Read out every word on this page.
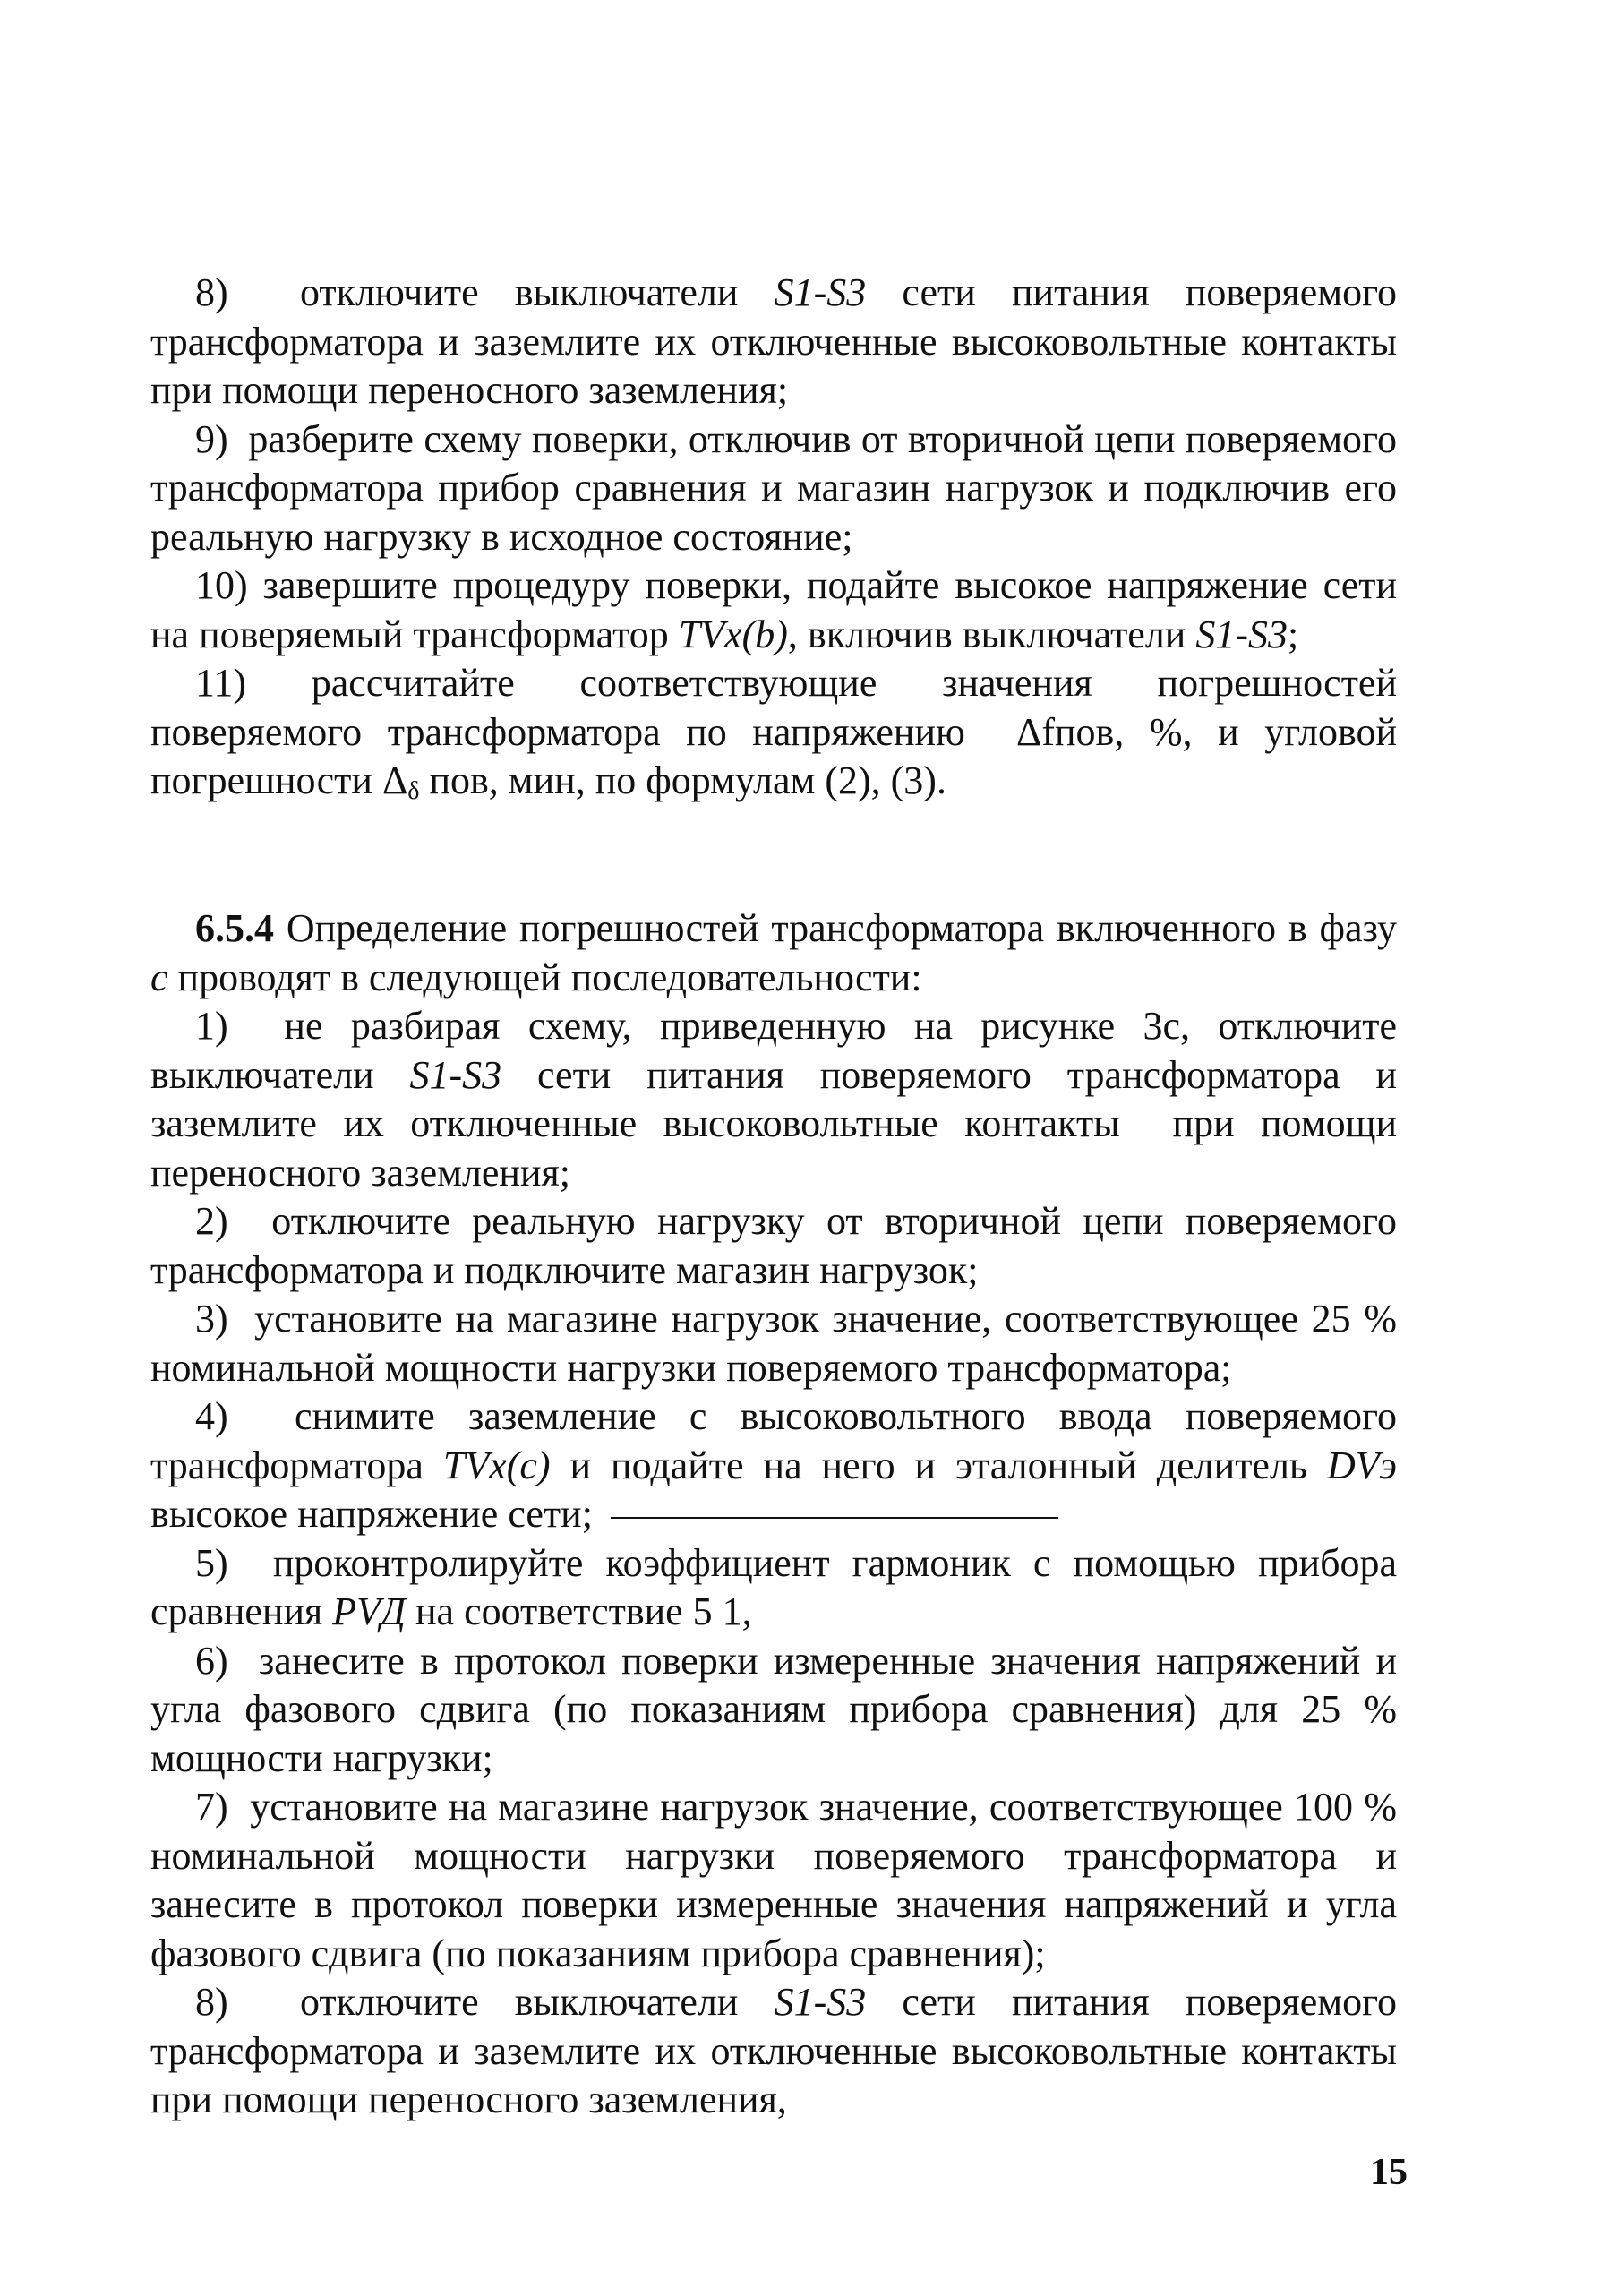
8) отключите выключатели S1-S3 сети питания поверяемого трансформатора и заземлите их отключенные высоковольтные контакты при помощи переносного заземления;

9) разберите схему поверки, отключив от вторичной цепи поверяемого трансформатора прибор сравнения и магазин нагрузок и подключив его реальную нагрузку в исходное состояние;

10) завершите процедуру поверки, подайте высокое напряжение сети на поверяемый трансформатор TVx(b), включив выключатели S1-S3;

11) рассчитайте соответствующие значения погрешностей поверяемого трансформатора по напряжению  Δfпов, %, и угловой погрешности $\Delta_\delta$ пов, мин, по формулам (2), (3).

6.5.4 Определение погрешностей трансформатора включенного в фазу с проводят в следующей последовательности:

1) не разбирая схему, приведенную на рисунке 3с, отключите выключатели S1-S3 сети питания поверяемого трансформатора и заземлите их отключенные высоковольтные контакты  при помощи переносного заземления;

2) отключите реальную нагрузку от вторичной цепи поверяемого трансформатора и подключите магазин нагрузок;

3) установите на магазине нагрузок значение, соответствующее 25 % номинальной мощности нагрузки поверяемого трансформатора;

4) снимите заземление с высоковольтного ввода поверяемого трансформатора TVx(c) и подайте на него и эталонный делитель DVэ высокое напряжение сети;

5) проконтролируйте коэффициент гармоник с помощью прибора сравнения PVД на соответствие 5 1,

6) занесите в протокол поверки измеренные значения напряжений и угла фазового сдвига (по показаниям прибора сравнения) для 25 % мощности нагрузки;

7) установите на магазине нагрузок значение, соответствующее 100 % номинальной мощности нагрузки поверяемого трансформатора и занесите в протокол поверки измеренные значения напряжений и угла фазового сдвига (по показаниям прибора сравнения);

8) отключите выключатели S1-S3 сети питания поверяемого трансформатора и заземлите их отключенные высоковольтные контакты при помощи переносного заземления,

15
